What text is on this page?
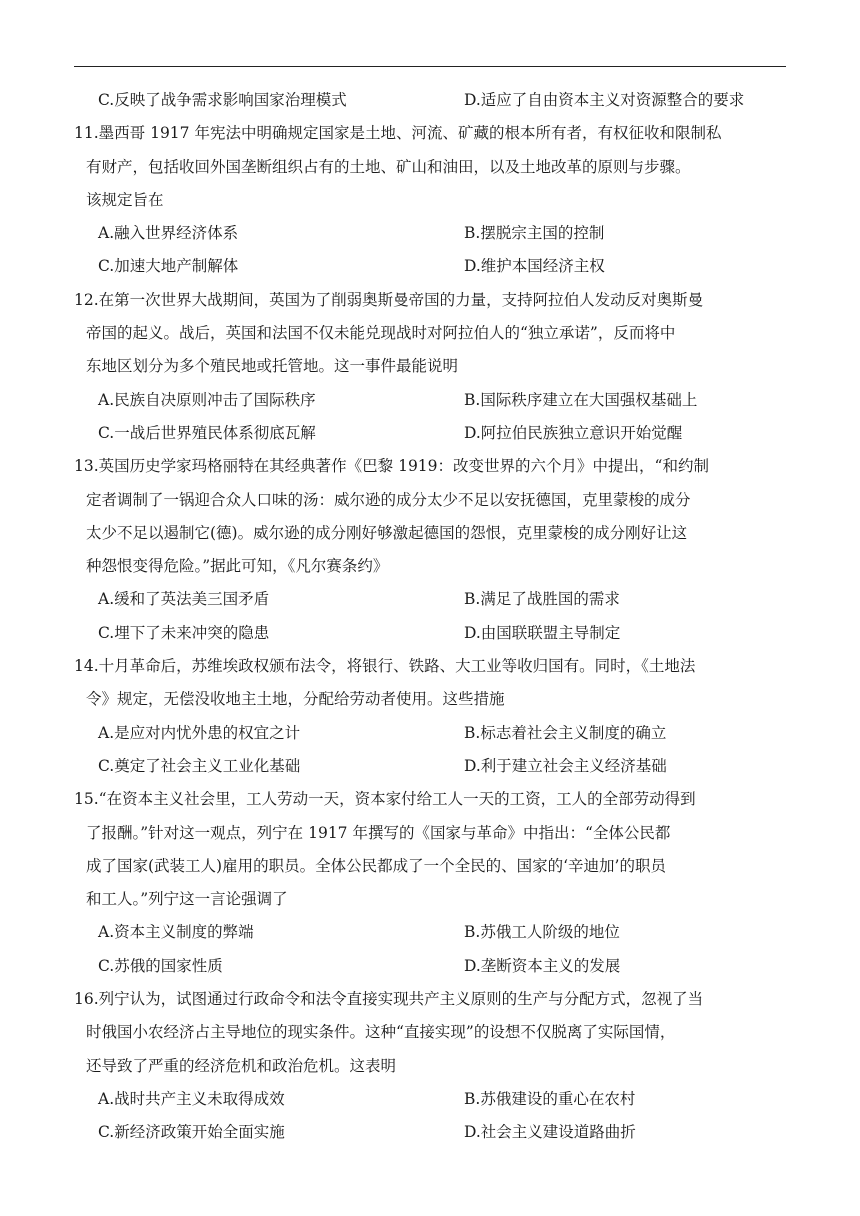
C.反映了战争需求影响国家治理模式	D.适应了自由资本主义对资源整合的要求
11.墨西哥 1917 年宪法中明确规定国家是土地、河流、矿藏的根本所有者，有权征收和限制私
有财产，包括收回外国垄断组织占有的土地、矿山和油田，以及土地改革的原则与步骤。
该规定旨在
A.融入世界经济体系	B.摆脱宗主国的控制
C.加速大地产制解体	D.维护本国经济主权
12.在第一次世界大战期间，英国为了削弱奥斯曼帝国的力量，支持阿拉伯人发动反对奥斯曼
帝国的起义。战后，英国和法国不仅未能兑现战时对阿拉伯人的“独立承诺”，反而将中
东地区划分为多个殖民地或托管地。这一事件最能说明
A.民族自决原则冲击了国际秩序	B.国际秩序建立在大国强权基础上
C.一战后世界殖民体系彻底瓦解	D.阿拉伯民族独立意识开始觉醒
13.英国历史学家玛格丽特在其经典著作《巴黎 1919：改变世界的六个月》中提出，“和约制
定者调制了一锅迎合众人口味的汤：威尔逊的成分太少不足以安抚德国，克里蒙梭的成分
太少不足以遏制它(德)。威尔逊的成分刚好够激起德国的怨恨，克里蒙梭的成分刚好让这
种怨恨变得危险。”据此可知，《凡尔赛条约》
A.缓和了英法美三国矛盾	B.满足了战胜国的需求
C.埋下了未来冲突的隐患	D.由国联联盟主导制定
14.十月革命后，苏维埃政权颁布法令，将银行、铁路、大工业等收归国有。同时，《土地法
令》规定，无偿没收地主土地，分配给劳动者使用。这些措施
A.是应对内忧外患的权宜之计	B.标志着社会主义制度的确立
C.奠定了社会主义工业化基础	D.利于建立社会主义经济基础
15.“在资本主义社会里，工人劳动一天，资本家付给工人一天的工资，工人的全部劳动得到
了报酬。”针对这一观点，列宁在 1917 年撰写的《国家与革命》中指出：“全体公民都
成了国家(武装工人)雇用的职员。全体公民都成了一个全民的、国家的‘辛迪加’的职员
和工人。”列宁这一言论强调了
A.资本主义制度的弊端	B.苏俄工人阶级的地位
C.苏俄的国家性质	D.垄断资本主义的发展
16.列宁认为，试图通过行政命令和法令直接实现共产主义原则的生产与分配方式，忽视了当
时俄国小农经济占主导地位的现实条件。这种“直接实现”的设想不仅脱离了实际国情，
还导致了严重的经济危机和政治危机。这表明
A.战时共产主义未取得成效	B.苏俄建设的重心在农村
C.新经济政策开始全面实施	D.社会主义建设道路曲折
